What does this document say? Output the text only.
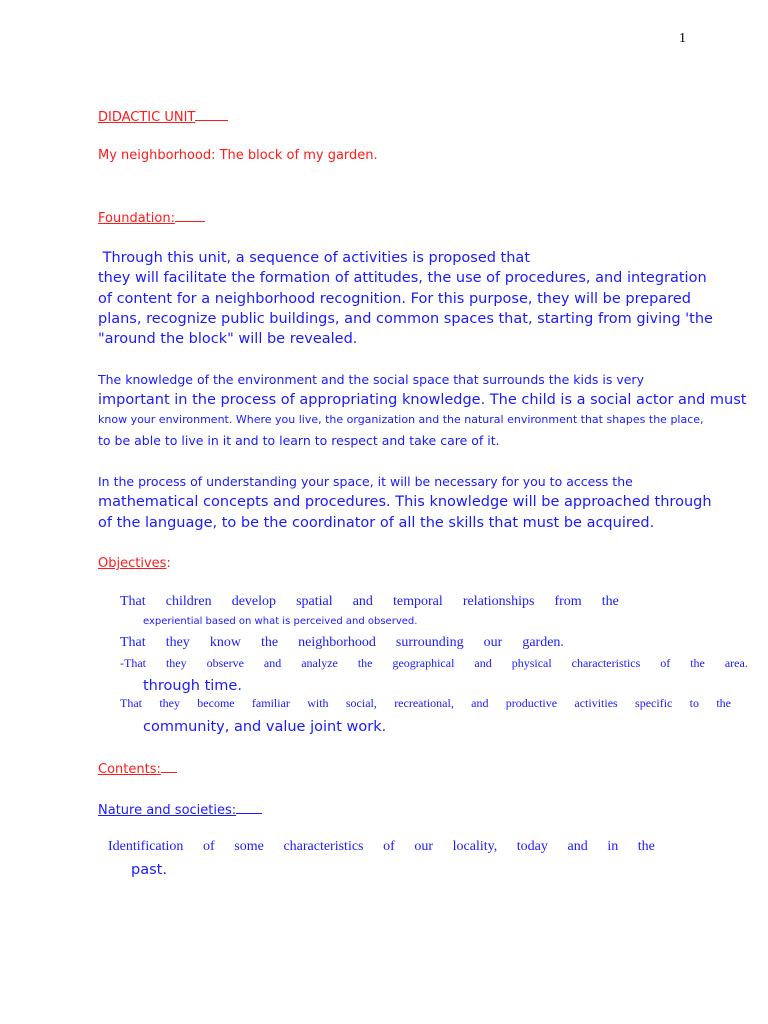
1
DIDACTIC UNIT
My neighborhood: The block of my garden.
Foundation:
Through this unit, a sequence of activities is proposed that
they will facilitate the formation of attitudes, the use of procedures, and integration
of content for a neighborhood recognition. For this purpose, they will be prepared
plans, recognize public buildings, and common spaces that, starting from giving 'the
"around the block" will be revealed.
The knowledge of the environment and the social space that surrounds the kids is very
important in the process of appropriating knowledge. The child is a social actor and must
know your environment. Where you live, the organization and the natural environment that shapes the place,
to be able to live in it and to learn to respect and take care of it.
In the process of understanding your space, it will be necessary for you to access the
mathematical concepts and procedures. This knowledge will be approached through
of the language, to be the coordinator of all the skills that must be acquired.
Objectives:
That children develop spatial and temporal relationships from the
experiential based on what is perceived and observed.
That they know the neighborhood surrounding our garden.
-That they observe and analyze the geographical and physical characteristics of the area.
through time.
That they become familiar with social, recreational, and productive activities specific to the
community, and value joint work.
Contents:
Nature and societies:
Identification of some characteristics of our locality, today and in the
past.
